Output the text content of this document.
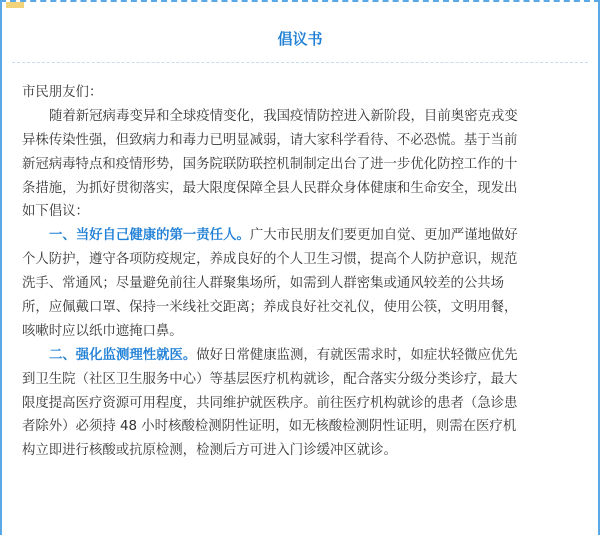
倡议书
市民朋友们：
随着新冠病毒变异和全球疫情变化，我国疫情防控进入新阶段，目前奥密克戎变
异株传染性强，但致病力和毒力已明显减弱，请大家科学看待、不必恐慌。基于当前
新冠病毒特点和疫情形势，国务院联防联控机制制定出台了进一步优化防控工作的十
条措施，为抓好贯彻落实，最大限度保障全县人民群众身体健康和生命安全，现发出
如下倡议：
一、当好自己健康的第一责任人。广大市民朋友们要更加自觉、更加严谨地做好
个人防护，遵守各项防疫规定，养成良好的个人卫生习惯，提高个人防护意识，规范
洗手、常通风；尽量避免前往人群聚集场所，如需到人群密集或通风较差的公共场
所，应佩戴口罩、保持一米线社交距离；养成良好社交礼仪，使用公筷，文明用餐，
咳嗽时应以纸巾遮掩口鼻。
二、强化监测理性就医。做好日常健康监测，有就医需求时，如症状轻微应优先
到卫生院（社区卫生服务中心）等基层医疗机构就诊，配合落实分级分类诊疗，最大
限度提高医疗资源可用程度，共同维护就医秩序。前往医疗机构就诊的患者（急诊患
者除外）必须持 48 小时核酸检测阴性证明，如无核酸检测阴性证明，则需在医疗机
构立即进行核酸或抗原检测，检测后方可进入门诊缓冲区就诊。
